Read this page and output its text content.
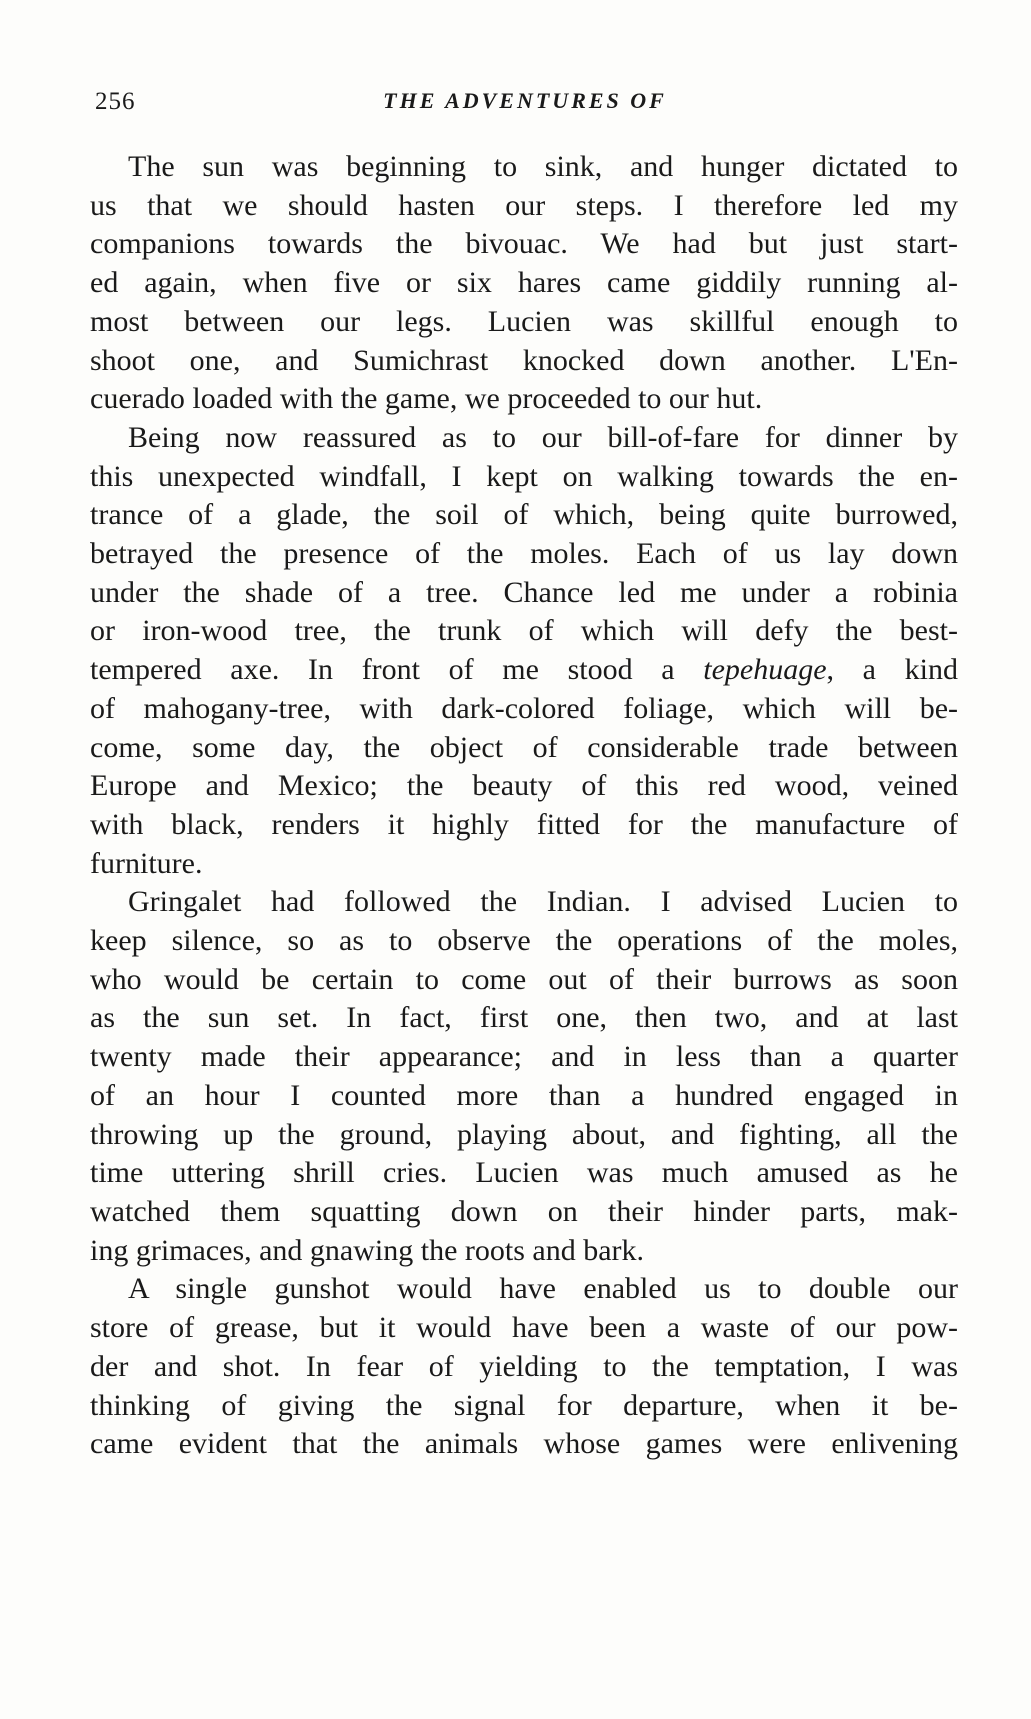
256	THE ADVENTURES OF

The sun was beginning to sink, and hunger dictated to
us that we should hasten our steps. I therefore led my
companions towards the bivouac. We had but just start-
ed again, when five or six hares came giddily running al-
most between our legs. Lucien was skillful enough to
shoot one, and Sumichrast knocked down another. L'En-
cuerado loaded with the game, we proceeded to our hut.

Being now reassured as to our bill-of-fare for dinner by
this unexpected windfall, I kept on walking towards the en-
trance of a glade, the soil of which, being quite burrowed,
betrayed the presence of the moles. Each of us lay down
under the shade of a tree. Chance led me under a robinia
or iron-wood tree, the trunk of which will defy the best-
tempered axe. In front of me stood a tepehuage, a kind
of mahogany-tree, with dark-colored foliage, which will be-
come, some day, the object of considerable trade between
Europe and Mexico; the beauty of this red wood, veined
with black, renders it highly fitted for the manufacture of
furniture.

Gringalet had followed the Indian. I advised Lucien to
keep silence, so as to observe the operations of the moles,
who would be certain to come out of their burrows as soon
as the sun set. In fact, first one, then two, and at last
twenty made their appearance; and in less than a quarter
of an hour I counted more than a hundred engaged in
throwing up the ground, playing about, and fighting, all the
time uttering shrill cries. Lucien was much amused as he
watched them squatting down on their hinder parts, mak-
ing grimaces, and gnawing the roots and bark.

A single gunshot would have enabled us to double our
store of grease, but it would have been a waste of our pow-
der and shot. In fear of yielding to the temptation, I was
thinking of giving the signal for departure, when it be-
came evident that the animals whose games were enlivening
